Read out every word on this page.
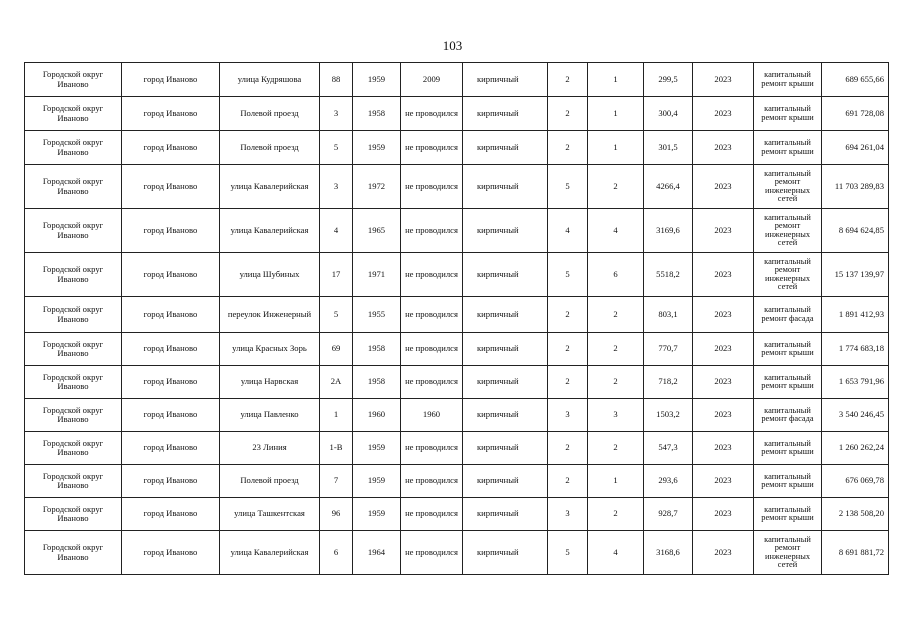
103
Городской округ Иваново	город Иваново	улица Кудряшова	88	1959	2009	кирпичный	2	1	299,5	2023	капитальный ремонт крыши	689 655,66
Городской округ Иваново	город Иваново	Полевой проезд	3	1958	не проводился	кирпичный	2	1	300,4	2023	капитальный ремонт крыши	691 728,08
Городской округ Иваново	город Иваново	Полевой проезд	5	1959	не проводился	кирпичный	2	1	301,5	2023	капитальный ремонт крыши	694 261,04
Городской округ Иваново	город Иваново	улица Кавалерийская	3	1972	не проводился	кирпичный	5	2	4266,4	2023	капитальный ремонт инженерных сетей	11 703 289,83
Городской округ Иваново	город Иваново	улица Кавалерийская	4	1965	не проводился	кирпичный	4	4	3169,6	2023	капитальный ремонт инженерных сетей	8 694 624,85
Городской округ Иваново	город Иваново	улица Шубиных	17	1971	не проводился	кирпичный	5	6	5518,2	2023	капитальный ремонт инженерных сетей	15 137 139,97
Городской округ Иваново	город Иваново	переулок Инженерный	5	1955	не проводился	кирпичный	2	2	803,1	2023	капитальный ремонт фасада	1 891 412,93
Городской округ Иваново	город Иваново	улица Красных Зорь	69	1958	не проводился	кирпичный	2	2	770,7	2023	капитальный ремонт крыши	1 774 683,18
Городской округ Иваново	город Иваново	улица Нарвская	2А	1958	не проводился	кирпичный	2	2	718,2	2023	капитальный ремонт крыши	1 653 791,96
Городской округ Иваново	город Иваново	улица Павленко	1	1960	1960	кирпичный	3	3	1503,2	2023	капитальный ремонт фасада	3 540 246,45
Городской округ Иваново	город Иваново	23 Линия	1-В	1959	не проводился	кирпичный	2	2	547,3	2023	капитальный ремонт крыши	1 260 262,24
Городской округ Иваново	город Иваново	Полевой проезд	7	1959	не проводился	кирпичный	2	1	293,6	2023	капитальный ремонт крыши	676 069,78
Городской округ Иваново	город Иваново	улица Ташкентская	96	1959	не проводился	кирпичный	3	2	928,7	2023	капитальный ремонт крыши	2 138 508,20
Городской округ Иваново	город Иваново	улица Кавалерийская	6	1964	не проводился	кирпичный	5	4	3168,6	2023	капитальный ремонт инженерных сетей	8 691 881,72
